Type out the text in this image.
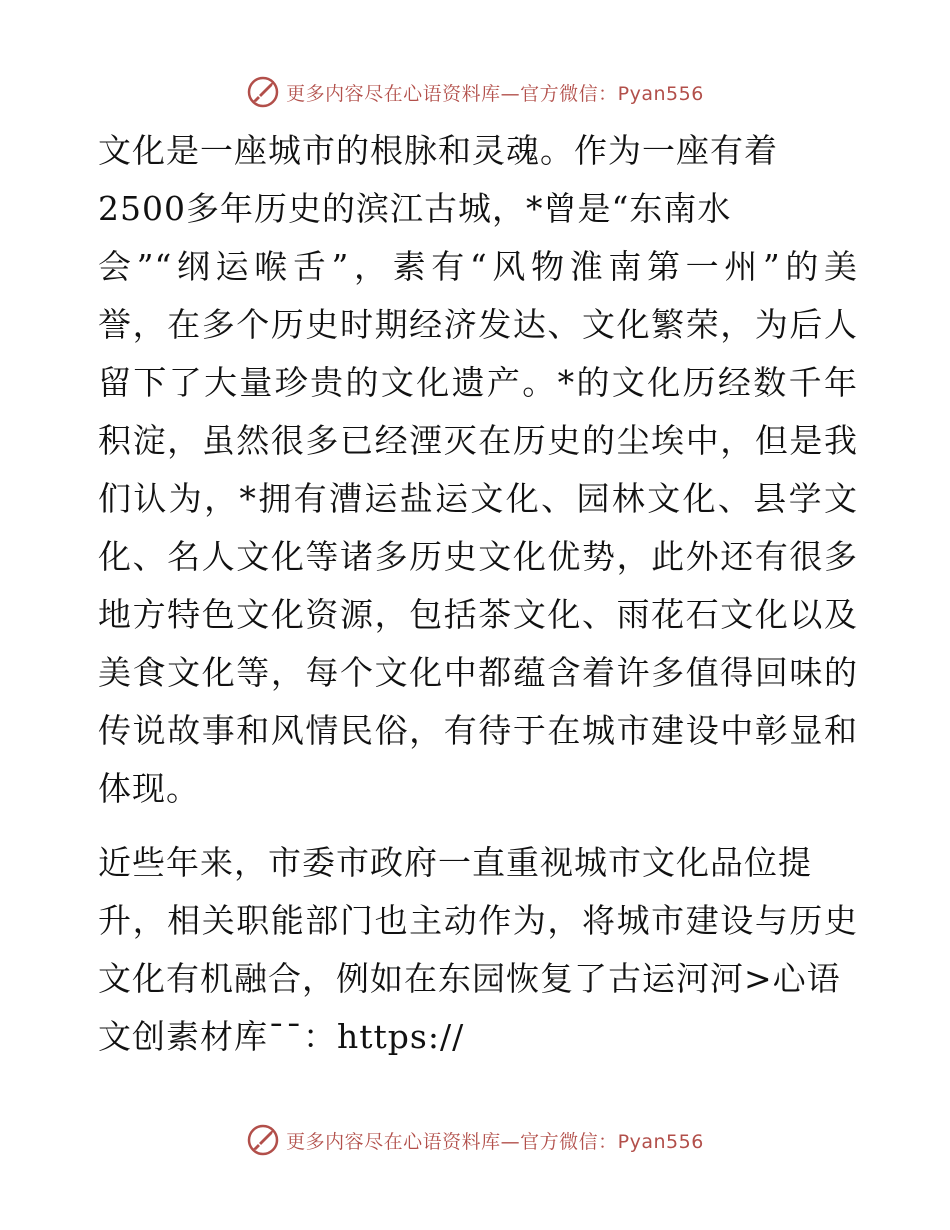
更多内容尽在心语资料库—官方微信：Pyan556
文化是一座城市的根脉和灵魂。作为一座有着
2500多年历史的滨江古城，*曾是“东南水
会”“纲运喉舌”，素有“风物淮南第一州”的美
誉，在多个历史时期经济发达、文化繁荣，为后人
留下了大量珍贵的文化遗产。*的文化历经数千年
积淀，虽然很多已经湮灭在历史的尘埃中，但是我
们认为，*拥有漕运盐运文化、园林文化、县学文
化、名人文化等诸多历史文化优势，此外还有很多
地方特色文化资源，包括茶文化、雨花石文化以及
美食文化等，每个文化中都蕴含着许多值得回味的
传说故事和风情民俗，有待于在城市建设中彰显和
体现。
近些年来，市委市政府一直重视城市文化品位提
升，相关职能部门也主动作为，将城市建设与历史
文化有机融合，例如在东园恢复了古运河河>心语
文创素材库¯¯：https://
更多内容尽在心语资料库—官方微信：Pyan556
